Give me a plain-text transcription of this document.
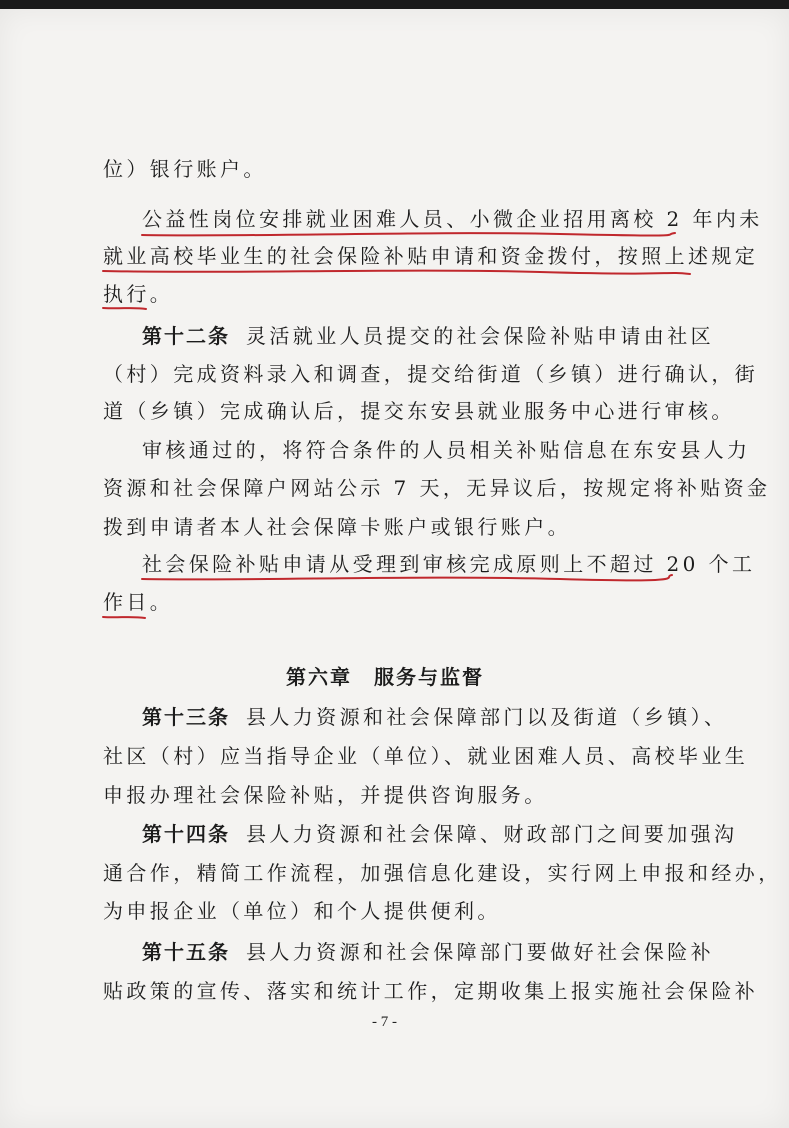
位）银行账户。
公益性岗位安排就业困难人员、小微企业招用离校 2 年内未
就业高校毕业生的社会保险补贴申请和资金拨付，按照上述规定
执行。
第十二条 灵活就业人员提交的社会保险补贴申请由社区
（村）完成资料录入和调查，提交给街道（乡镇）进行确认，街
道（乡镇）完成确认后，提交东安县就业服务中心进行审核。
审核通过的，将符合条件的人员相关补贴信息在东安县人力
资源和社会保障户网站公示 7 天，无异议后，按规定将补贴资金
拨到申请者本人社会保障卡账户或银行账户。
社会保险补贴申请从受理到审核完成原则上不超过 20 个工
作日。
第六章　服务与监督
第十三条 县人力资源和社会保障部门以及街道（乡镇）、
社区（村）应当指导企业（单位）、就业困难人员、高校毕业生
申报办理社会保险补贴，并提供咨询服务。
第十四条 县人力资源和社会保障、财政部门之间要加强沟
通合作，精简工作流程，加强信息化建设，实行网上申报和经办，
为申报企业（单位）和个人提供便利。
第十五条 县人力资源和社会保障部门要做好社会保险补
贴政策的宣传、落实和统计工作，定期收集上报实施社会保险补
- 7 -
